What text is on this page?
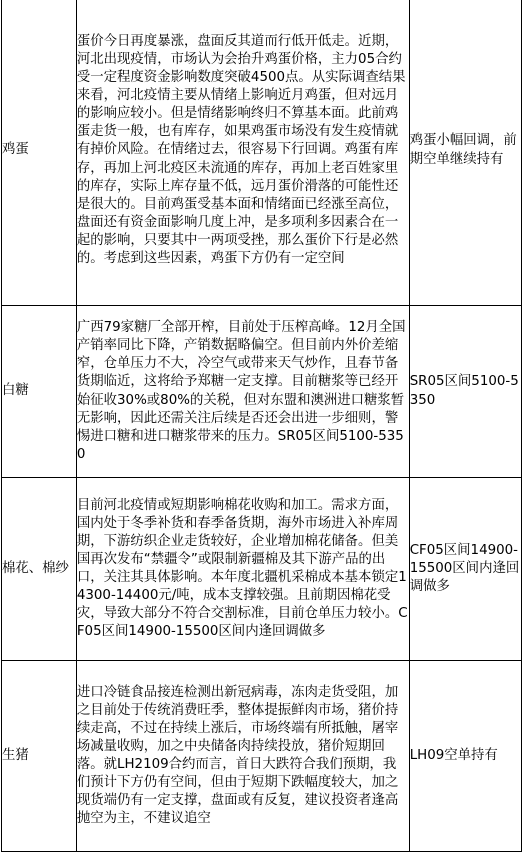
鸡蛋	蛋价今日再度暴涨，盘面反其道而行低开低走。近期，河北出现疫情，市场认为会抬升鸡蛋价格，主力05合约受一定程度资金影响数度突破4500点。从实际调查结果来看，河北疫情主要从情绪上影响近月鸡蛋，但对远月的影响应较小。但是情绪影响终归不算基本面。此前鸡蛋走货一般，也有库存，如果鸡蛋市场没有发生疫情就有掉价风险。在情绪过去，很容易下行回调。鸡蛋有库存，再加上河北疫区未流通的库存，再加上老百姓家里的库存，实际上库存量不低，远月蛋价滑落的可能性还是很大的。目前鸡蛋受基本面和情绪面已经涨至高位，盘面还有资金面影响几度上冲，是多项利多因素合在一起的影响，只要其中一两项受挫，那么蛋价下行是必然的。考虑到这些因素，鸡蛋下方仍有一定空间	鸡蛋小幅回调，前期空单继续持有
白糖	广西79家糖厂全部开榨，目前处于压榨高峰。12月全国产销率同比下降，产销数据略偏空。但目前内外价差缩窄，仓单压力不大，冷空气或带来天气炒作，且春节备货期临近，这将给予郑糖一定支撑。目前糖浆等已经开始征收30%或80%的关税，但对东盟和澳洲进口糖浆暂无影响，因此还需关注后续是否还会出进一步细则，警惕进口糖和进口糖浆带来的压力。SR05区间5100-5350	SR05区间5100-5350
棉花、棉纱	目前河北疫情或短期影响棉花收购和加工。需求方面，国内处于冬季补货和春季备货期，海外市场进入补库周期，下游纺织企业走货较好，企业增加棉花储备。但美国再次发布“禁疆令”或限制新疆棉及其下游产品的出口，关注其具体影响。本年度北疆机采棉成本基本锁定14300-14400元/吨，成本支撑较强。且前期因棉花受灾，导致大部分不符合交割标准，目前仓单压力较小。CF05区间14900-15500区间内逢回调做多	CF05区间14900-15500区间内逢回调做多
生猪	进口冷链食品接连检测出新冠病毒，冻肉走货受阻，加之目前处于传统消费旺季，整体提振鲜肉市场，猪价持续走高，不过在持续上涨后，市场终端有所抵触，屠宰场减量收购，加之中央储备肉持续投放，猪价短期回落。就LH2109合约而言，首日大跌符合我们预期，我们预计下方仍有空间，但由于短期下跌幅度较大，加之现货端仍有一定支撑，盘面或有反复，建议投资者逢高抛空为主，不建议追空	LH09空单持有
